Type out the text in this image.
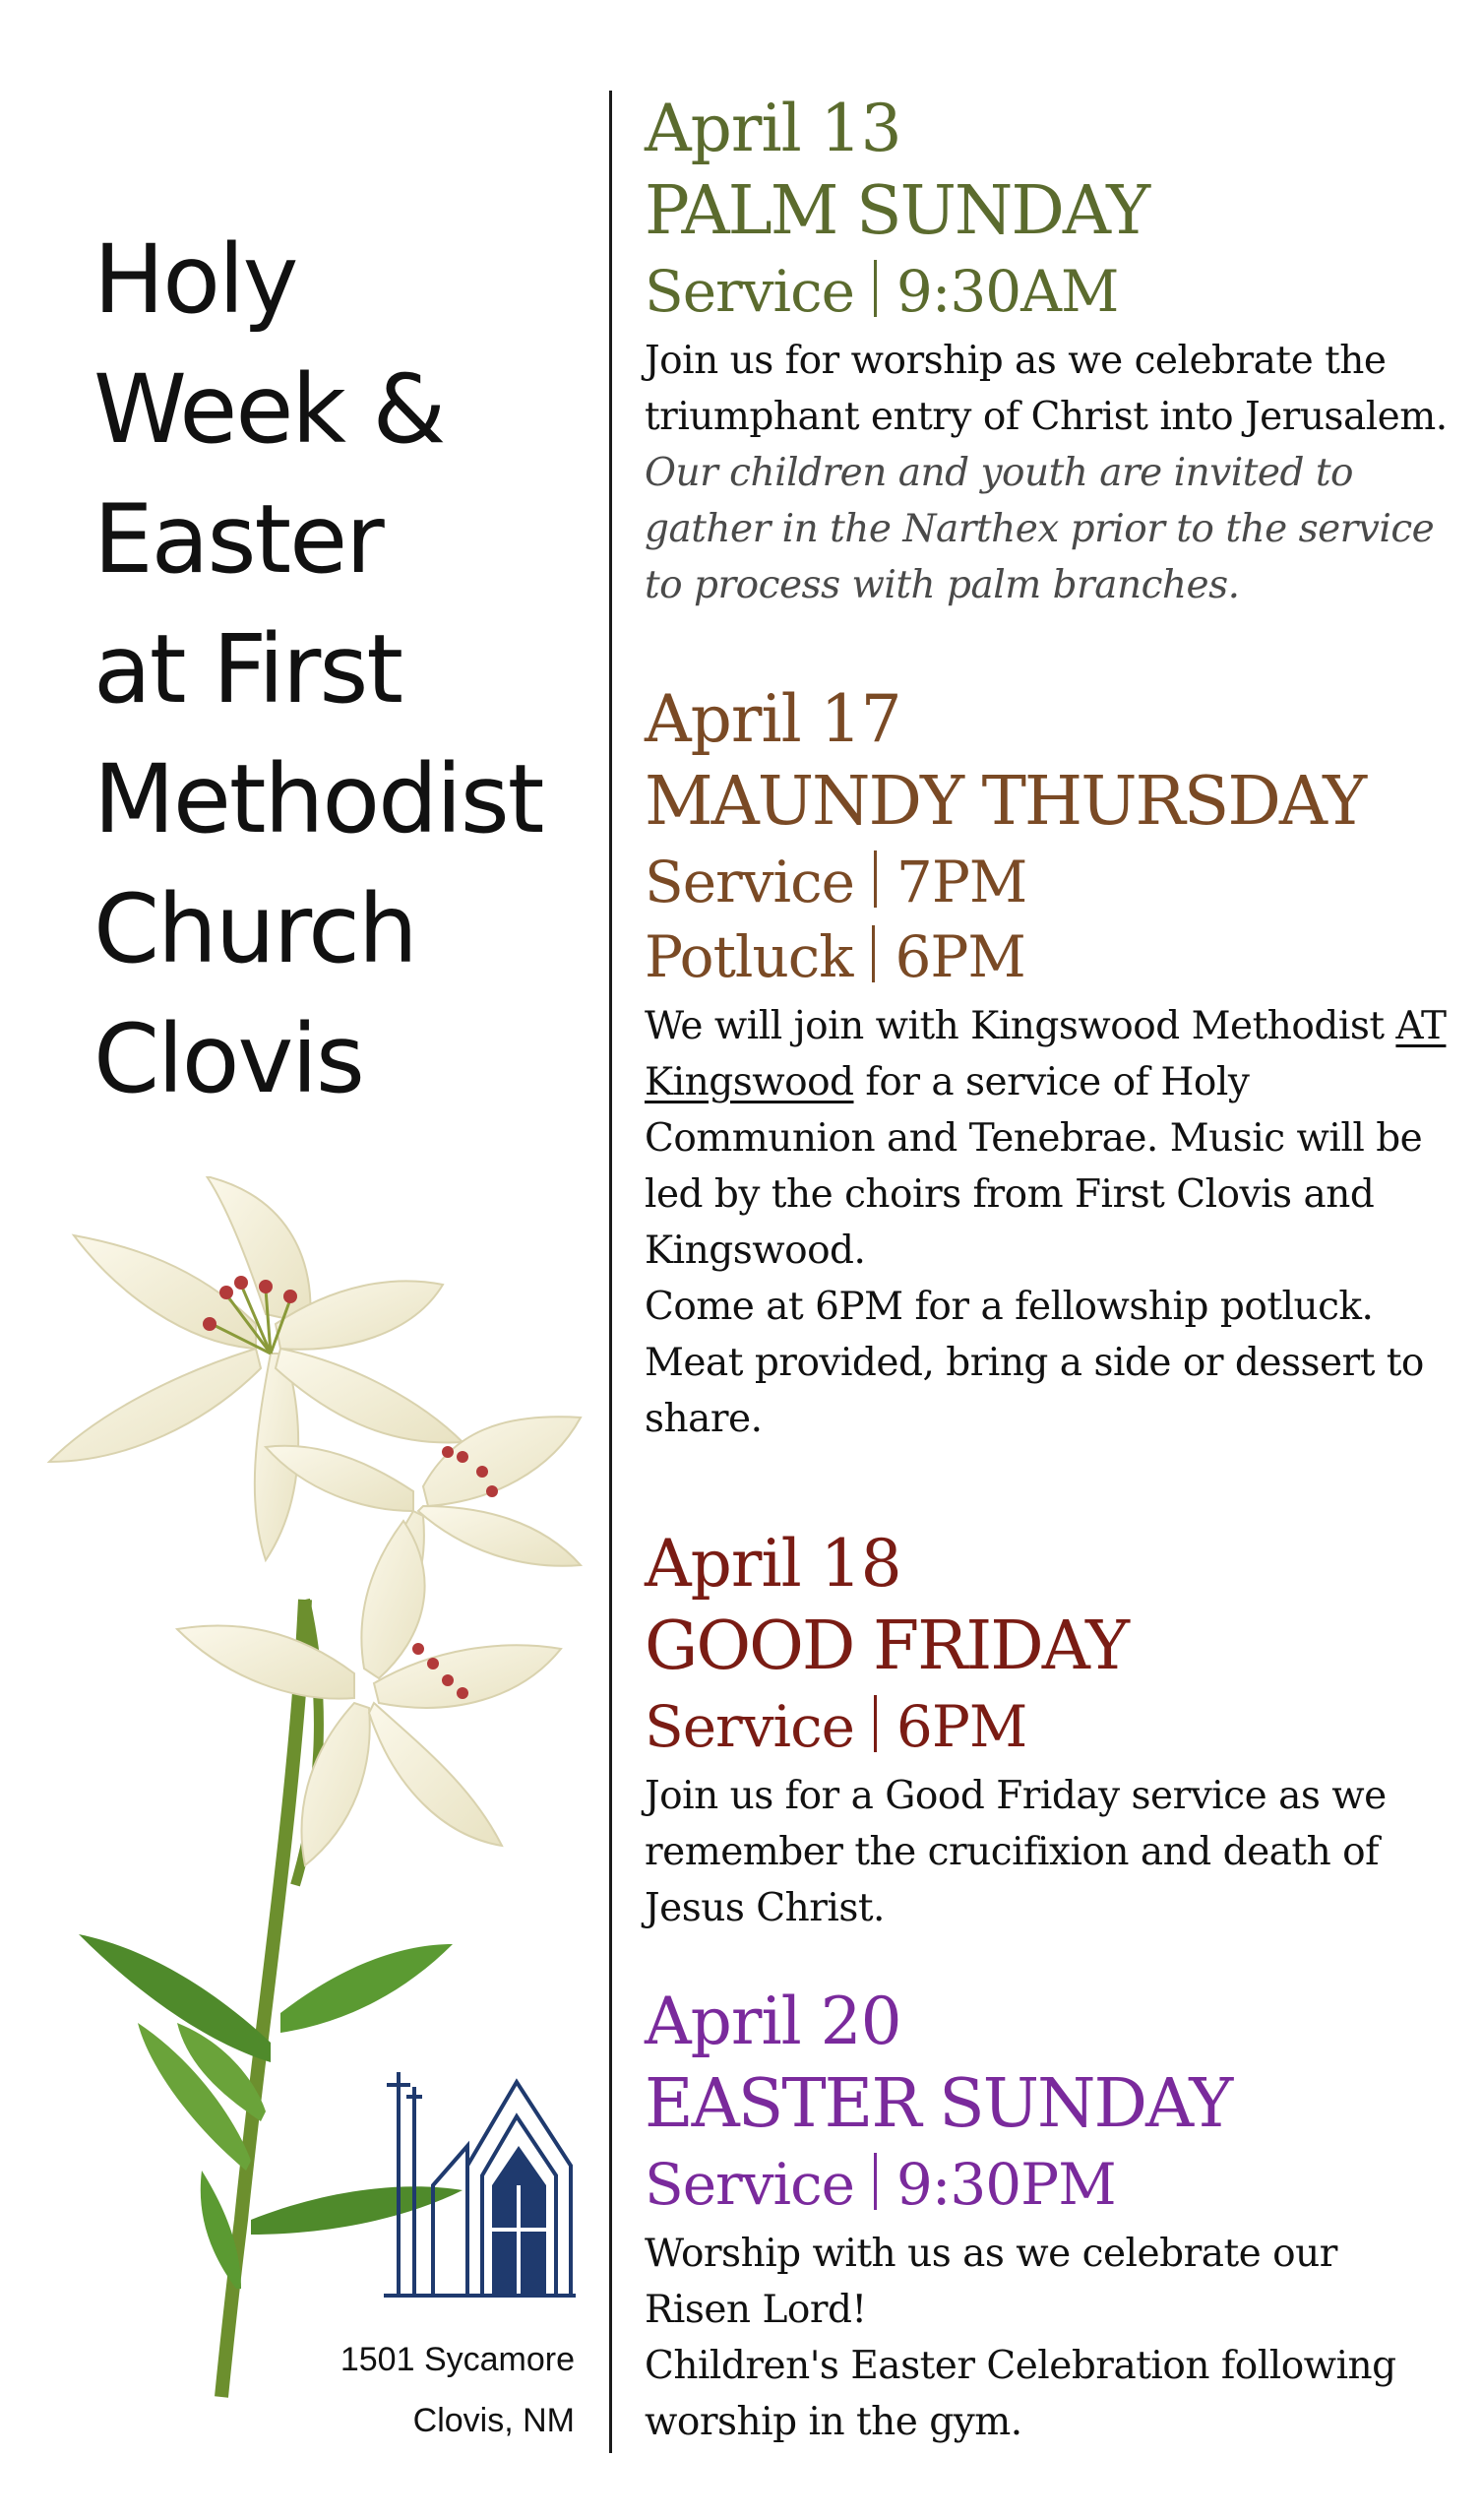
Holy
Week &
Easter
at First
Methodist
Church
Clovis
1501 Sycamore
Clovis, NM
April 13
PALM SUNDAY
Service 9:30AM

Join us for worship as we celebrate the triumphant entry of Christ into Jerusalem.

Our children and youth are invited to gather in the Narthex prior to the service to process with palm branches.

April 17
MAUNDY THURSDAY
Service 7PM
Potluck 6PM

We will join with Kingswood Methodist AT Kingswood for a service of Holy Communion and Tenebrae. Music will be led by the choirs from First Clovis and Kingswood.

Come at 6PM for a fellowship potluck. Meat provided, bring a side or dessert to share.

April 18
GOOD FRIDAY
Service 6PM

Join us for a Good Friday service as we remember the crucifixion and death of Jesus Christ.

April 20
EASTER SUNDAY
Service 9:30PM

Worship with us as we celebrate our Risen Lord!

Children's Easter Celebration following worship in the gym.
